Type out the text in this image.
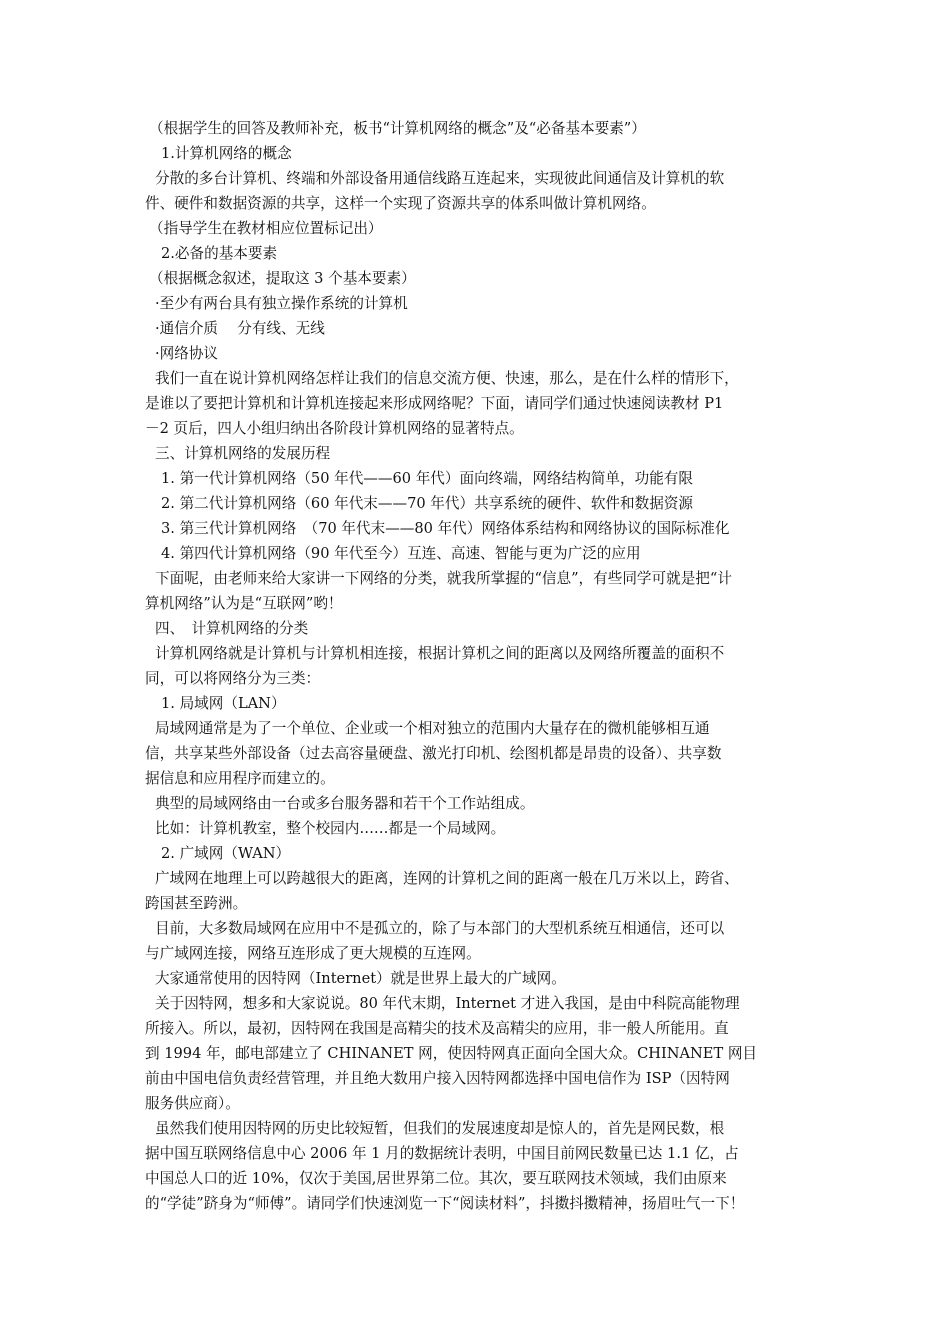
（根据学生的回答及教师补充，板书“计算机网络的概念”及“必备基本要素”）
1.计算机网络的概念
分散的多台计算机、终端和外部设备用通信线路互连起来，实现彼此间通信及计算机的软
件、硬件和数据资源的共享，这样一个实现了资源共享的体系叫做计算机网络。
（指导学生在教材相应位置标记出）
2.必备的基本要素
（根据概念叙述，提取这 3 个基本要素）
·至少有两台具有独立操作系统的计算机
·通信介质　 分有线、无线
·网络协议
我们一直在说计算机网络怎样让我们的信息交流方便、快速，那么，是在什么样的情形下，
是谁以了要把计算机和计算机连接起来形成网络呢？下面，请同学们通过快速阅读教材 P1
－2 页后，四人小组归纳出各阶段计算机网络的显著特点。
三、计算机网络的发展历程
1. 第一代计算机网络（50 年代——60 年代）面向终端，网络结构简单，功能有限
2. 第二代计算机网络（60 年代末——70 年代）共享系统的硬件、软件和数据资源
3. 第三代计算机网络　（70 年代末——80 年代）网络体系结构和网络协议的国际标准化
4. 第四代计算机网络（90 年代至今）互连、高速、智能与更为广泛的应用
下面呢，由老师来给大家讲一下网络的分类，就我所掌握的“信息”，有些同学可就是把“计
算机网络”认为是“互联网”哟！
四、　计算机网络的分类
计算机网络就是计算机与计算机相连接，根据计算机之间的距离以及网络所覆盖的面积不
同，可以将网络分为三类：
1. 局域网（LAN）
局域网通常是为了一个单位、企业或一个相对独立的范围内大量存在的微机能够相互通
信，共享某些外部设备（过去高容量硬盘、激光打印机、绘图机都是昂贵的设备）、共享数
据信息和应用程序而建立的。
典型的局域网络由一台或多台服务器和若干个工作站组成。
比如：计算机教室，整个校园内……都是一个局域网。
2. 广域网（WAN）
广域网在地理上可以跨越很大的距离，连网的计算机之间的距离一般在几万米以上，跨省、
跨国甚至跨洲。
目前，大多数局域网在应用中不是孤立的，除了与本部门的大型机系统互相通信，还可以
与广域网连接，网络互连形成了更大规模的互连网。
大家通常使用的因特网（Internet）就是世界上最大的广域网。
关于因特网，想多和大家说说。80 年代末期，Internet 才进入我国，是由中科院高能物理
所接入。所以，最初，因特网在我国是高精尖的技术及高精尖的应用，非一般人所能用。直
到 1994 年，邮电部建立了 CHINANET 网，使因特网真正面向全国大众。CHINANET 网目
前由中国电信负责经营管理，并且绝大数用户接入因特网都选择中国电信作为 ISP（因特网
服务供应商）。
虽然我们使用因特网的历史比较短暂，但我们的发展速度却是惊人的，首先是网民数，根
据中国互联网络信息中心 2006 年 1 月的数据统计表明，中国目前网民数量已达 1.1 亿，占
中国总人口的近 10%，仅次于美国,居世界第二位。其次，要互联网技术领域，我们由原来
的“学徒”跻身为“师傅”。请同学们快速浏览一下“阅读材料”，抖擞抖擞精神，扬眉吐气一下！
